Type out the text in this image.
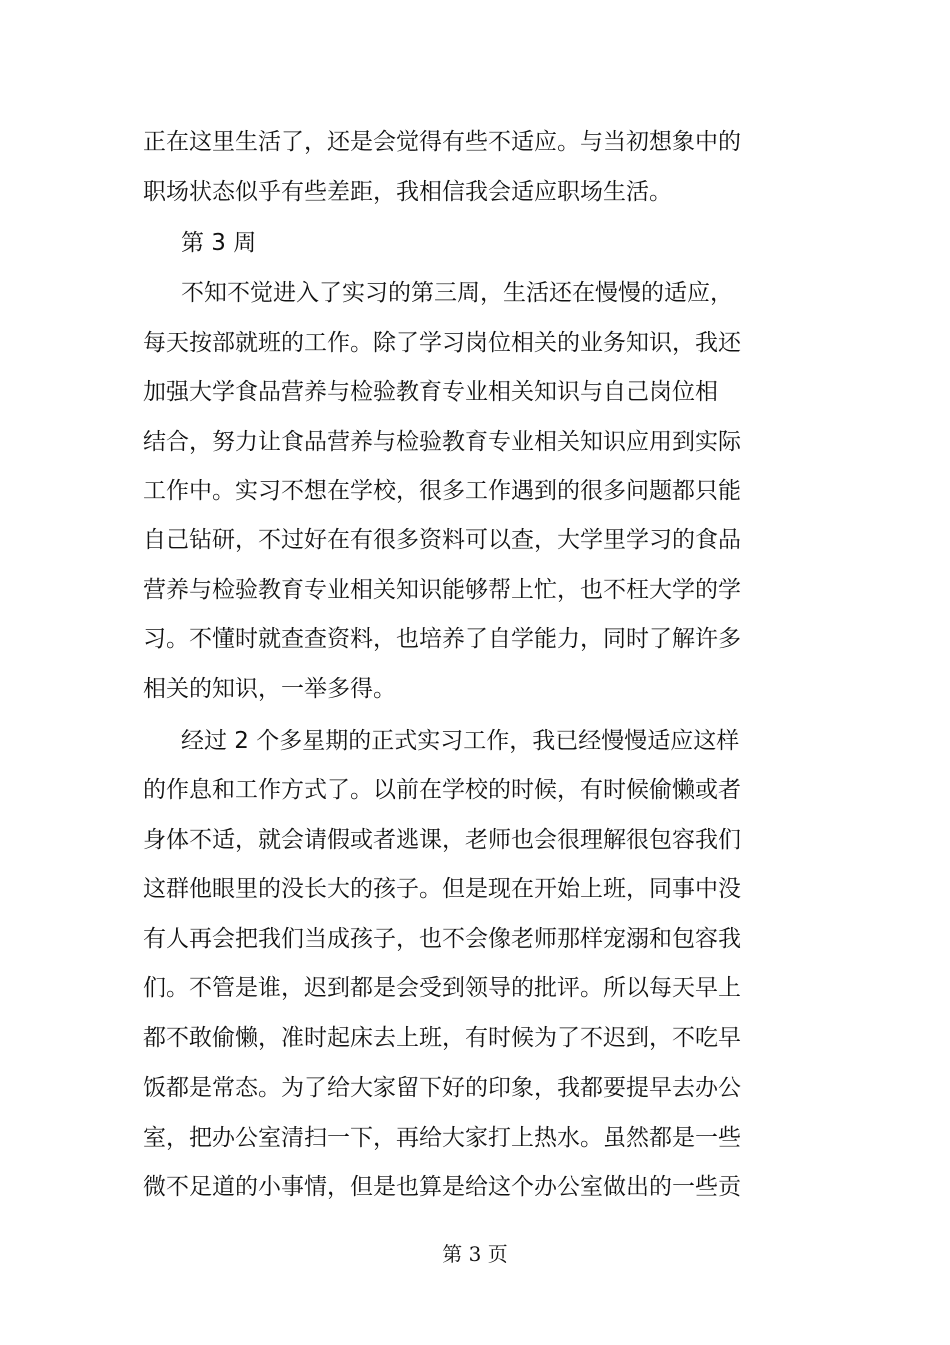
正在这里生活了，还是会觉得有些不适应。与当初想象中的
职场状态似乎有些差距，我相信我会适应职场生活。
第 3 周
不知不觉进入了实习的第三周，生活还在慢慢的适应，
每天按部就班的工作。除了学习岗位相关的业务知识，我还
加强大学食品营养与检验教育专业相关知识与自己岗位相
结合，努力让食品营养与检验教育专业相关知识应用到实际
工作中。实习不想在学校，很多工作遇到的很多问题都只能
自己钻研，不过好在有很多资料可以查，大学里学习的食品
营养与检验教育专业相关知识能够帮上忙，也不枉大学的学
习。不懂时就查查资料，也培养了自学能力，同时了解许多
相关的知识，一举多得。
经过 2 个多星期的正式实习工作，我已经慢慢适应这样
的作息和工作方式了。以前在学校的时候，有时候偷懒或者
身体不适，就会请假或者逃课，老师也会很理解很包容我们
这群他眼里的没长大的孩子。但是现在开始上班，同事中没
有人再会把我们当成孩子，也不会像老师那样宠溺和包容我
们。不管是谁，迟到都是会受到领导的批评。所以每天早上
都不敢偷懒，准时起床去上班，有时候为了不迟到，不吃早
饭都是常态。为了给大家留下好的印象，我都要提早去办公
室，把办公室清扫一下，再给大家打上热水。虽然都是一些
微不足道的小事情，但是也算是给这个办公室做出的一些贡
第 3 页
